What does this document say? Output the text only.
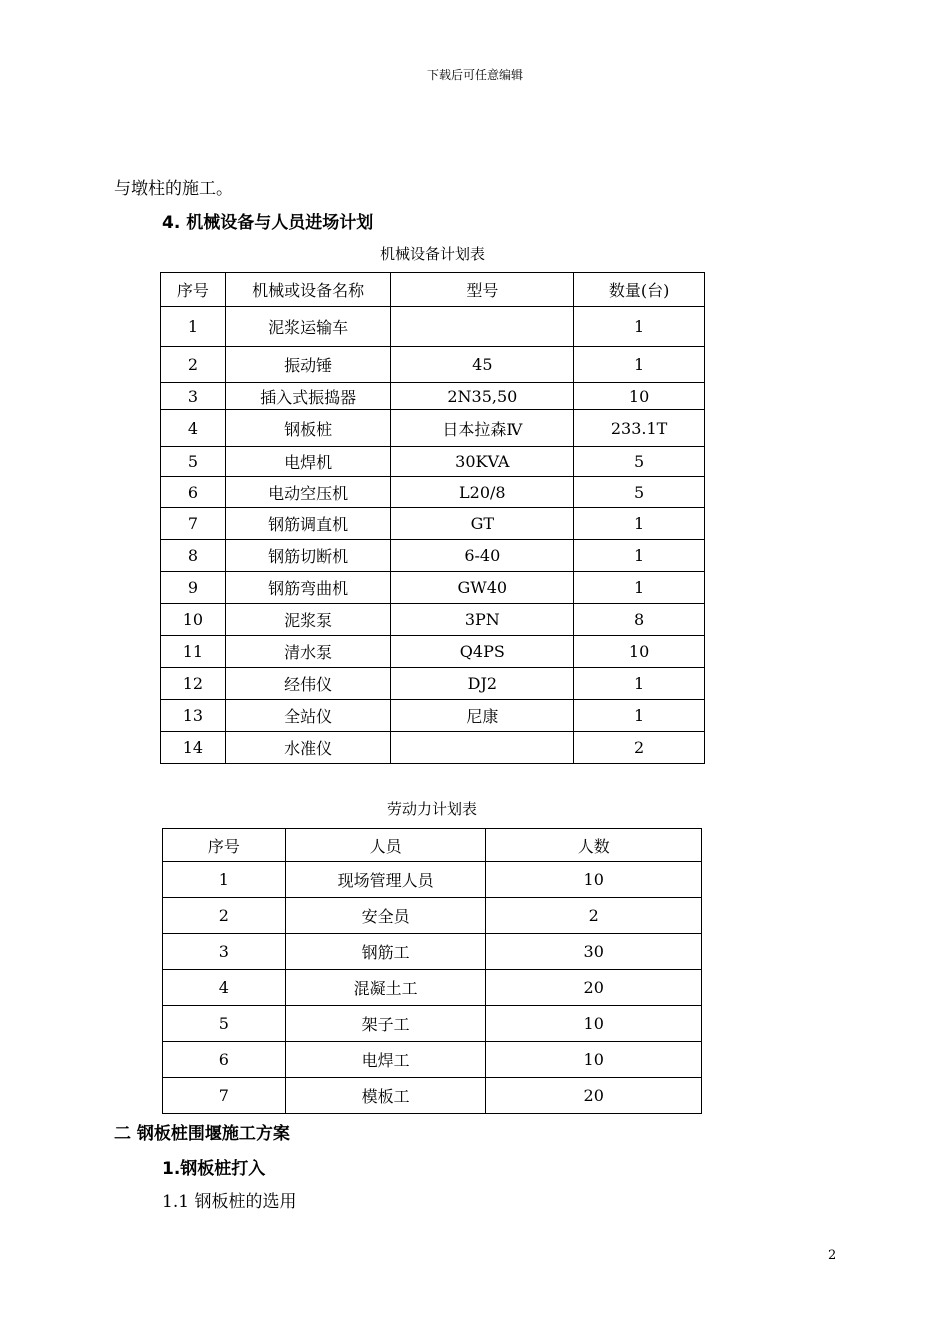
下载后可任意编辑
与墩柱的施工。
4. 机械设备与人员进场计划
机械设备计划表
序号	机械或设备名称	型号	数量(台)
1	泥浆运输车		1
2	振动锤	45	1
3	插入式振捣器	2N35,50	10
4	钢板桩	日本拉森Ⅳ	233.1T
5	电焊机	30KVA	5
6	电动空压机	L20/8	5
7	钢筋调直机	GT	1
8	钢筋切断机	6-40	1
9	钢筋弯曲机	GW40	1
10	泥浆泵	3PN	8
11	清水泵	Q4PS	10
12	经伟仪	DJ2	1
13	全站仪	尼康	1
14	水准仪		2
劳动力计划表
序号	人员	人数
1	现场管理人员	10
2	安全员	2
3	钢筋工	30
4	混凝土工	20
5	架子工	10
6	电焊工	10
7	模板工	20
二 钢板桩围堰施工方案
1.钢板桩打入
1.1 钢板桩的选用
2
